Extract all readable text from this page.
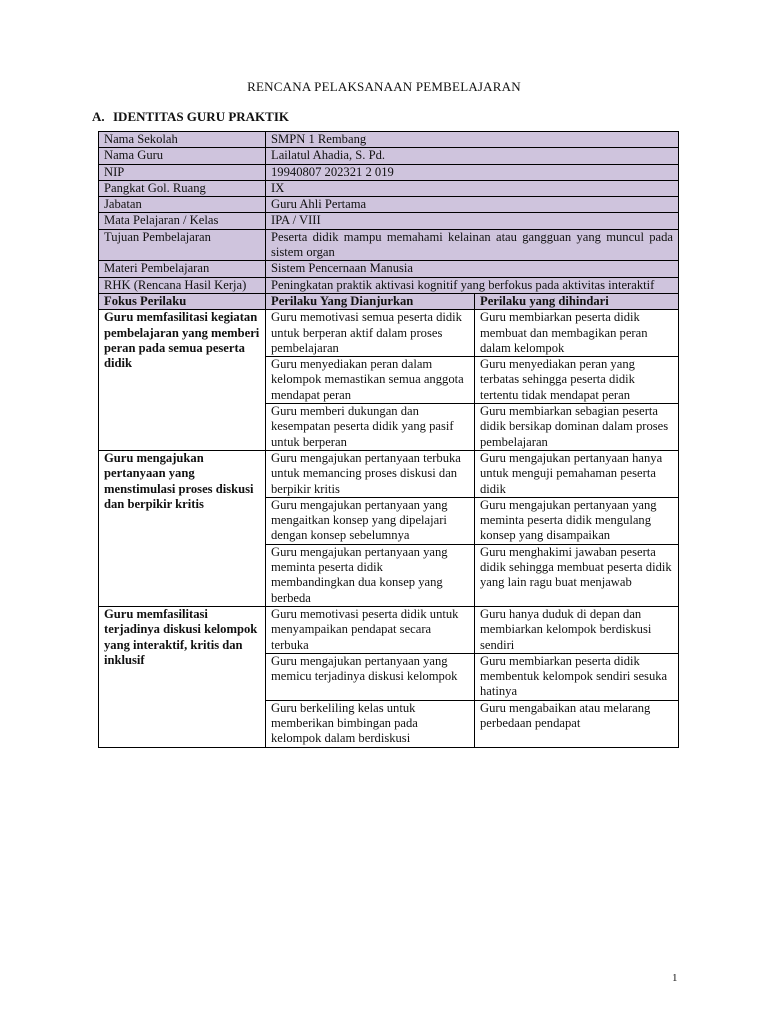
RENCANA PELAKSANAAN PEMBELAJARAN
A. IDENTITAS GURU PRAKTIK
Nama Sekolah	SMPN 1 Rembang	
Nama Guru	Lailatul Ahadia, S. Pd.	
NIP	19940807 202321 2 019	
Pangkat Gol. Ruang	IX	
Jabatan	Guru Ahli Pertama	
Mata Pelajaran / Kelas	IPA / VIII	
Tujuan Pembelajaran	Peserta didik mampu memahami kelainan atau gangguan yang muncul pada sistem organ	
Materi Pembelajaran	Sistem Pencernaan Manusia	
RHK (Rencana Hasil Kerja)	Peningkatan praktik aktivasi kognitif yang berfokus pada aktivitas interaktif	
Fokus Perilaku	Perilaku Yang Dianjurkan	Perilaku yang dihindari
Guru memfasilitasi kegiatan pembelajaran yang memberi peran pada semua peserta didik	Guru memotivasi semua peserta didik untuk berperan aktif dalam proses pembelajaran	Guru membiarkan peserta didik membuat dan membagikan peran dalam kelompok
	Guru menyediakan peran dalam kelompok memastikan semua anggota mendapat peran	Guru menyediakan peran yang terbatas sehingga peserta didik tertentu tidak mendapat peran
	Guru memberi dukungan dan kesempatan peserta didik yang pasif untuk berperan	Guru membiarkan sebagian peserta didik bersikap dominan dalam proses pembelajaran
Guru mengajukan pertanyaan yang menstimulasi proses diskusi dan berpikir kritis	Guru mengajukan pertanyaan terbuka untuk memancing proses diskusi dan berpikir kritis	Guru mengajukan pertanyaan hanya untuk menguji pemahaman peserta didik
	Guru mengajukan pertanyaan yang mengaitkan konsep yang dipelajari dengan konsep sebelumnya	Guru mengajukan pertanyaan yang meminta peserta didik mengulang konsep yang disampaikan
	Guru mengajukan pertanyaan yang meminta peserta didik membandingkan dua konsep yang berbeda	Guru menghakimi jawaban peserta didik sehingga membuat peserta didik yang lain ragu buat menjawab
Guru memfasilitasi terjadinya diskusi kelompok yang interaktif, kritis dan inklusif	Guru memotivasi peserta didik untuk menyampaikan pendapat secara terbuka	Guru hanya duduk di depan dan membiarkan kelompok berdiskusi sendiri
	Guru mengajukan pertanyaan yang memicu terjadinya diskusi kelompok	Guru membiarkan peserta didik membentuk kelompok sendiri sesuka hatinya
	Guru berkeliling kelas untuk memberikan bimbingan pada kelompok dalam berdiskusi	Guru mengabaikan atau melarang perbedaan pendapat
1
